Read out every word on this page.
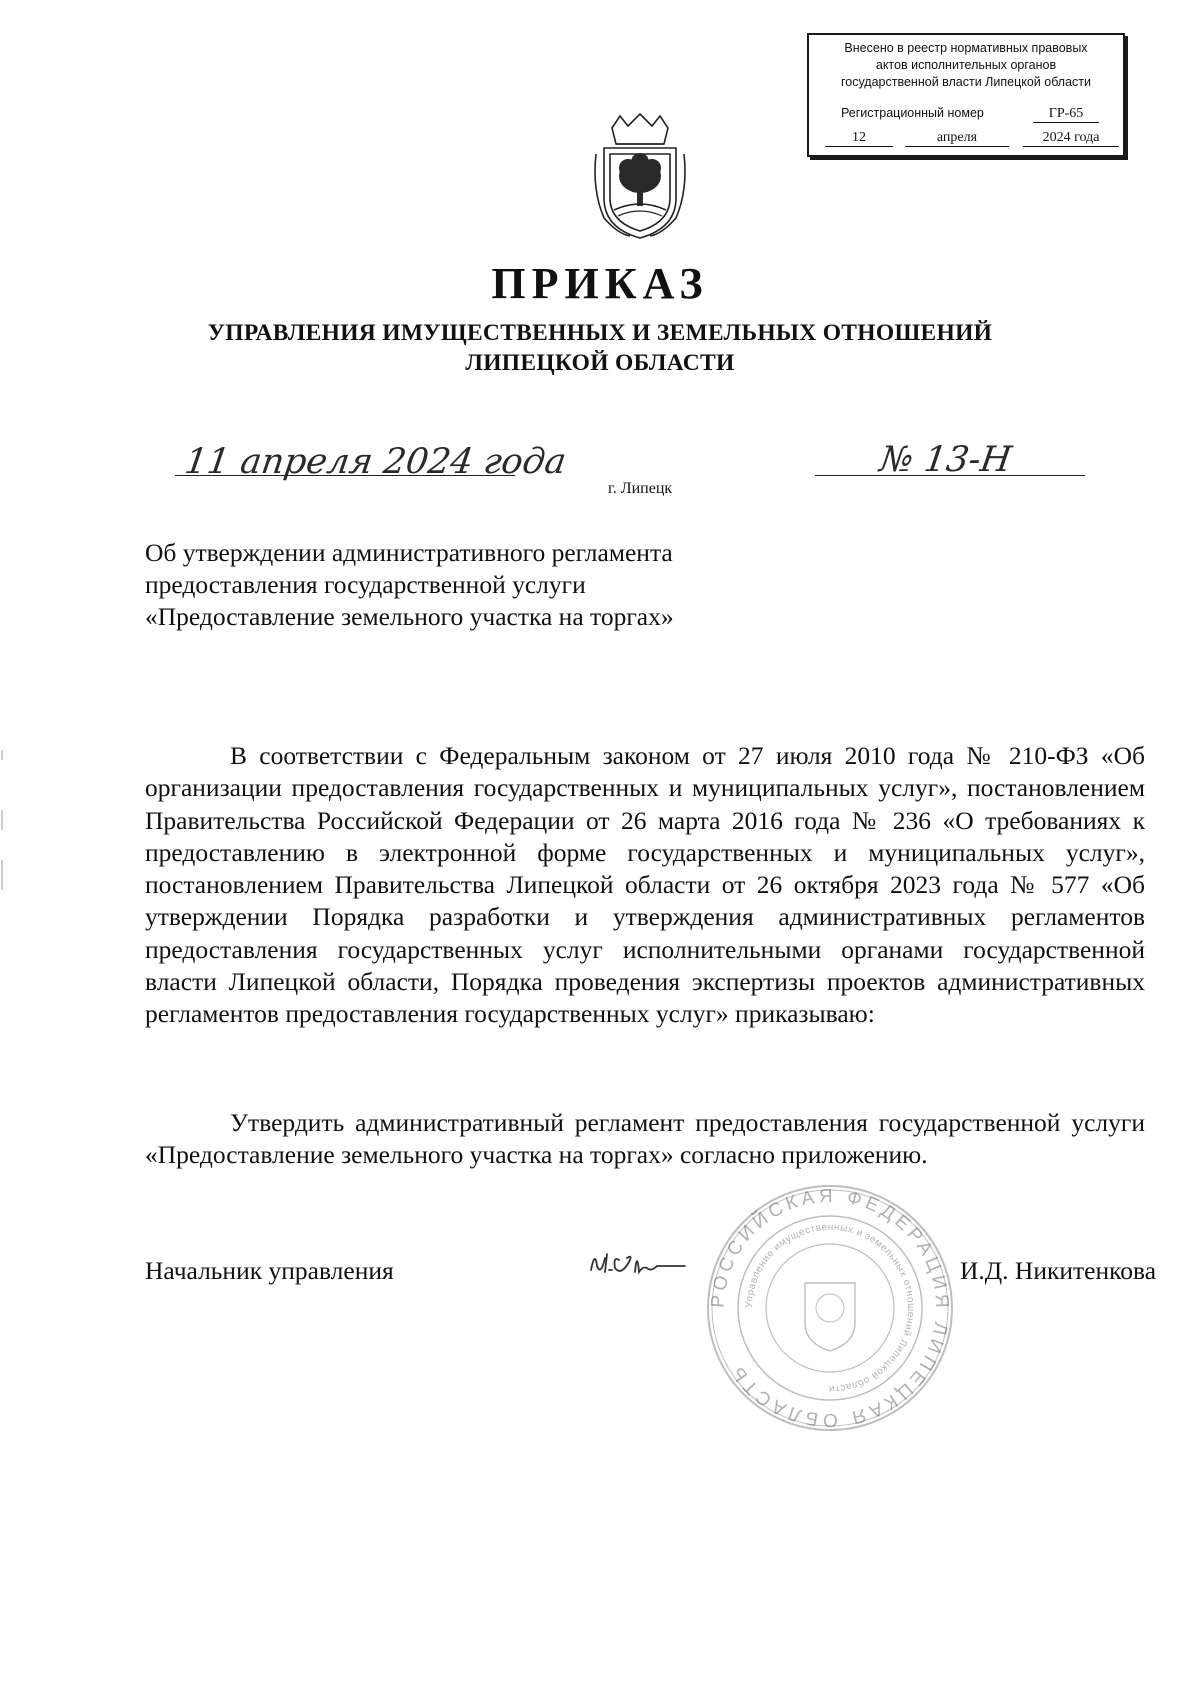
Внесено в реестр нормативных правовых
актов исполнительных органов
государственной власти Липецкой области
Регистрационный номер	ГР-65
12	апреля	2024 года
ПРИКАЗ
УПРАВЛЕНИЯ ИМУЩЕСТВЕННЫХ И ЗЕМЕЛЬНЫХ ОТНОШЕНИЙ
ЛИПЕЦКОЙ ОБЛАСТИ
11 апреля 2024 года	№ 13-Н
г. Липецк
Об утверждении административного регламента предоставления государственной услуги «Предоставление земельного участка на торгах»
В соответствии с Федеральным законом от 27 июля 2010 года № 210-ФЗ «Об организации предоставления государственных и муниципальных услуг», постановлением Правительства Российской Федерации от 26 марта 2016 года № 236 «О требованиях к предоставлению в электронной форме государственных и муниципальных услуг», постановлением Правительства Липецкой области от 26 октября 2023 года № 577 «Об утверждении Порядка разработки и утверждения административных регламентов предоставления государственных услуг исполнительными органами государственной власти Липецкой области, Порядка проведения экспертизы проектов административных регламентов предоставления государственных услуг» приказываю:
Утвердить административный регламент предоставления государственной услуги «Предоставление земельного участка на торгах» согласно приложению.
Начальник управления
РОССИЙСКАЯ ФЕДЕРАЦИЯ ЛИПЕЦКАЯ ОБЛАСТЬ
Управление имущественных и земельных отношений Липецкой области
И.Д. Никитенкова
